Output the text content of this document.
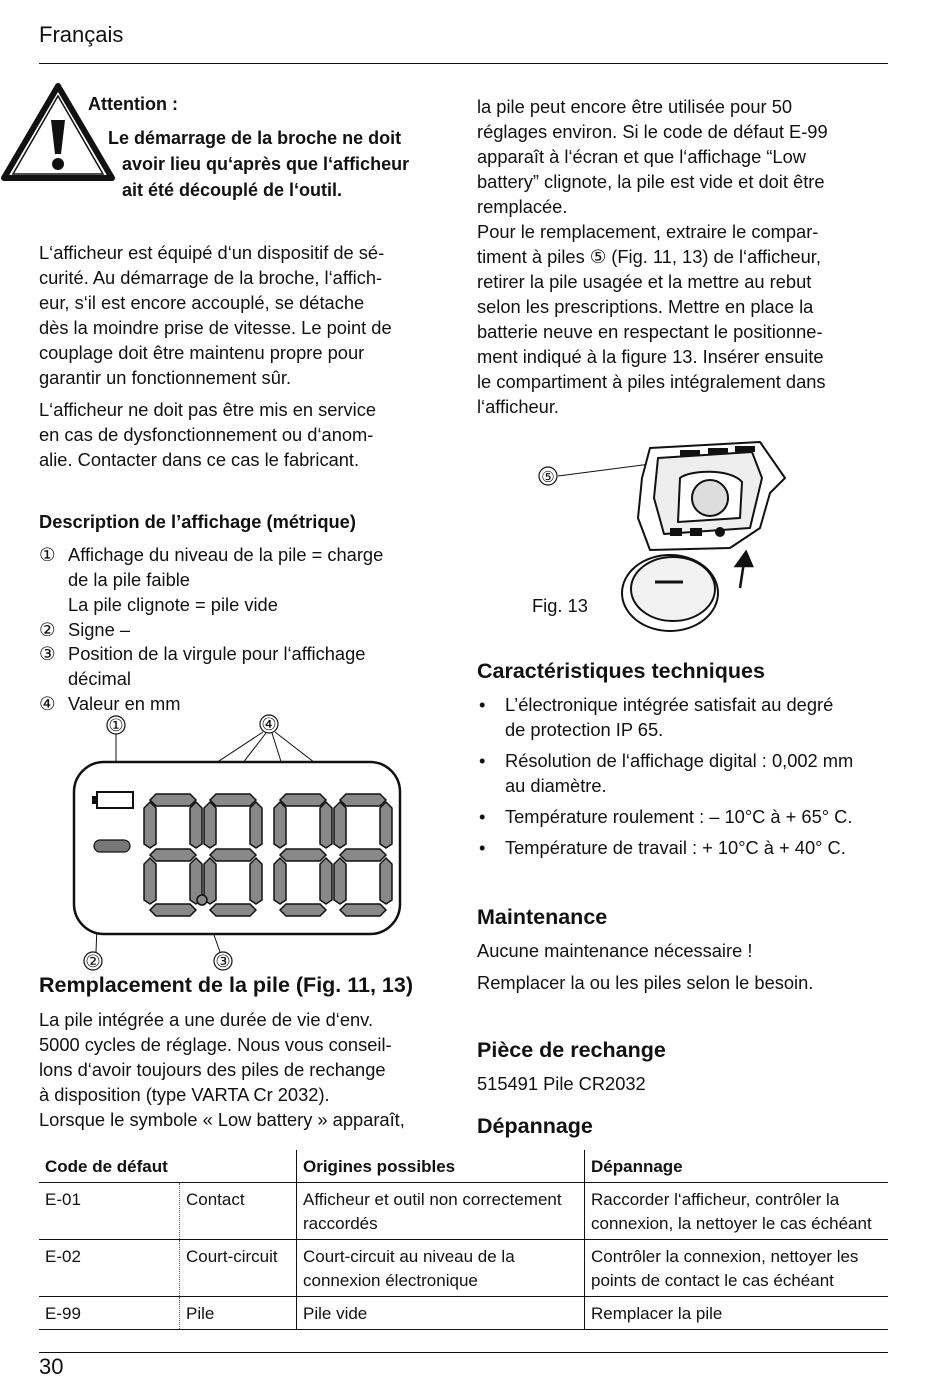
Français
Attention :
Le démarrage de la broche ne doit
avoir lieu qu‘après que l‘afficheur
ait été découplé de l‘outil.
L‘afficheur est équipé d‘un dispositif de sé-
curité. Au démarrage de la broche, l‘affich-
eur, s‘il est encore accouplé, se détache
dès la moindre prise de vitesse. Le point de
couplage doit être maintenu propre pour
garantir un fonctionnement sûr.
L‘afficheur ne doit pas être mis en service
en cas de dysfonctionnement ou d‘anom-
alie. Contacter dans ce cas le fabricant.
Description de l’affichage (métrique)
① Affichage du niveau de la pile = charge
de la pile faible
La pile clignote = pile vide
② Signe –
③ Position de la virgule pour l‘affichage
décimal
④ Valeur en mm
①	④
②	③
Remplacement de la pile (Fig. 11, 13)
La pile intégrée a une durée de vie d‘env.
5000 cycles de réglage. Nous vous conseil-
lons d‘avoir toujours des piles de rechange
à disposition (type VARTA Cr 2032).
Lorsque le symbole « Low battery » apparaît,
la pile peut encore être utilisée pour 50
réglages environ. Si le code de défaut E-99
apparaît à l‘écran et que l‘affichage “Low
battery” clignote, la pile est vide et doit être
remplacée.
Pour le remplacement, extraire le compar-
timent à piles ⑤ (Fig. 11, 13) de l‘afficheur,
retirer la pile usagée et la mettre au rebut
selon les prescriptions. Mettre en place la
batterie neuve en respectant le positionne-
ment indiqué à la figure 13. Insérer ensuite
le compartiment à piles intégralement dans
l‘afficheur.
⑤
Fig. 13
Caractéristiques techniques
• L’électronique intégrée satisfait au degré
de protection IP 65.
• Résolution de l‘affichage digital : 0,002 mm
au diamètre.
• Température roulement : – 10°C à + 65° C.
• Température de travail : + 10°C à + 40° C.
Maintenance
Aucune maintenance nécessaire !
Remplacer la ou les piles selon le besoin.
Pièce de rechange
515491 Pile CR2032
Dépannage
Code de défaut		Origines possibles	Dépannage
E-01	Contact	Afficheur et outil non correctement raccordés	Raccorder l‘afficheur, contrôler la connexion, la nettoyer le cas échéant
E-02	Court-circuit	Court-circuit au niveau de la connexion électronique	Contrôler la connexion, nettoyer les points de contact le cas échéant
E-99	Pile	Pile vide	Remplacer la pile
30
